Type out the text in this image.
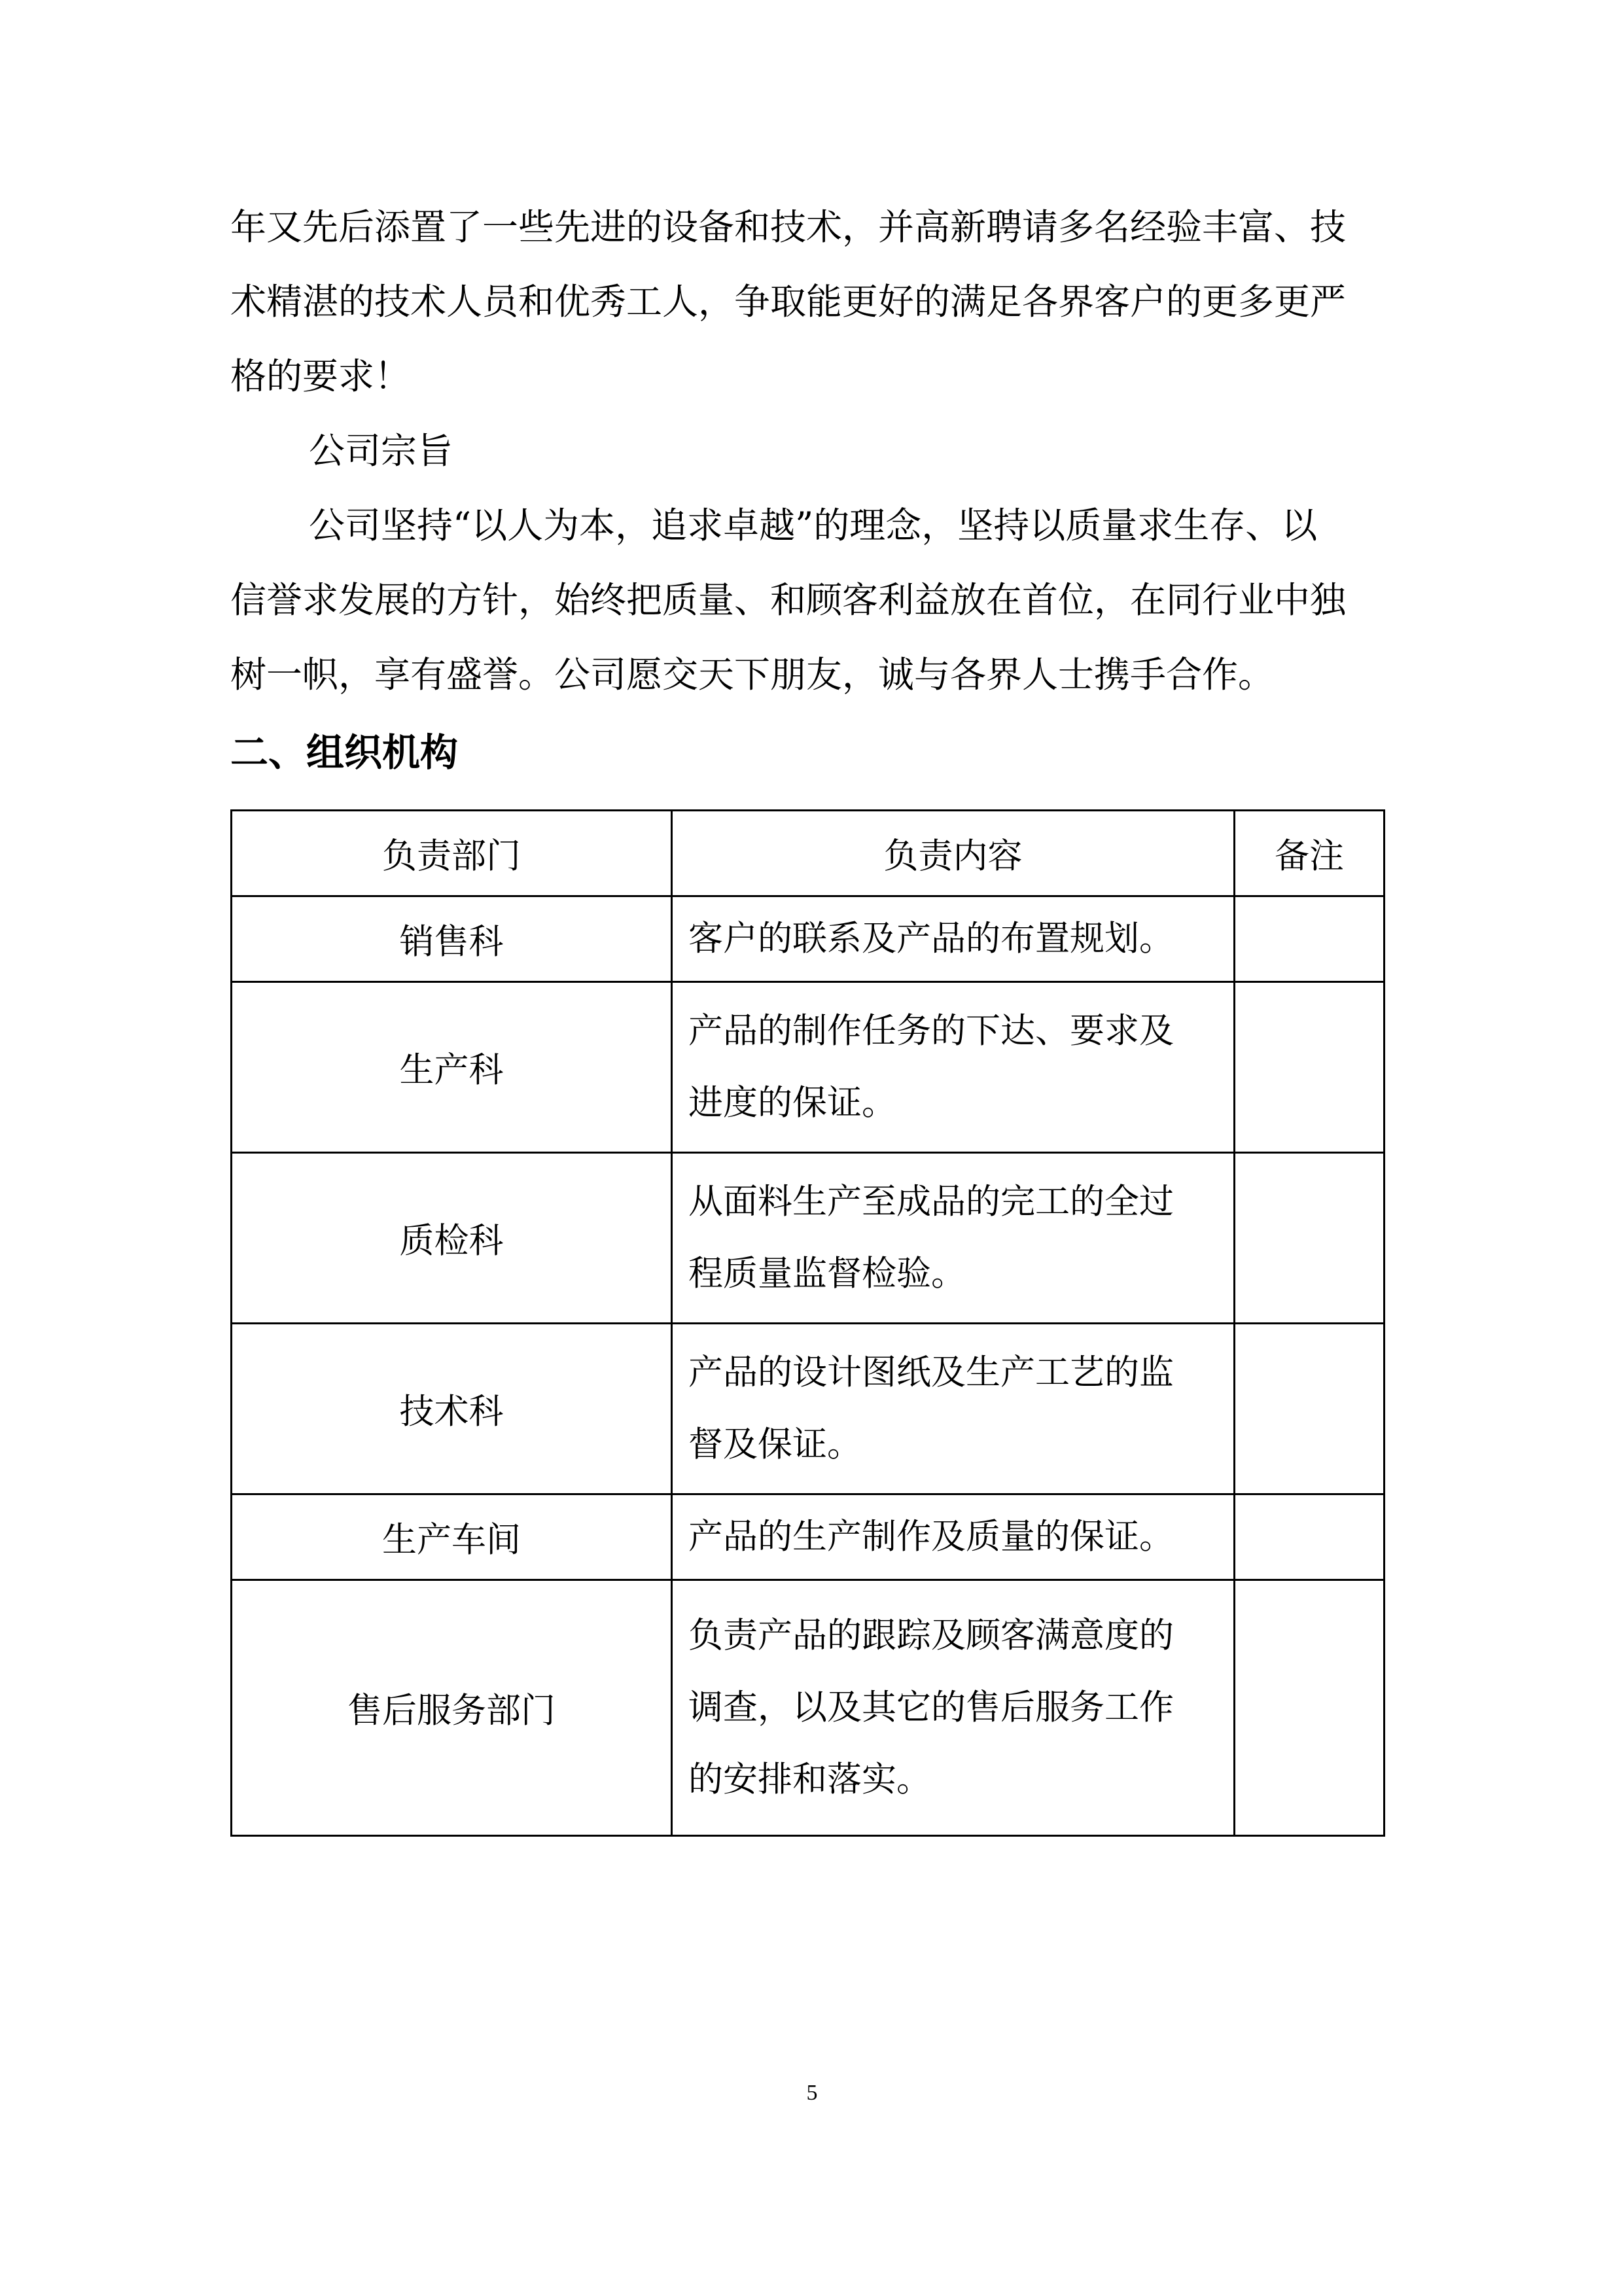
年又先后添置了一些先进的设备和技术，并高新聘请多名经验丰富、技
术精湛的技术人员和优秀工人，争取能更好的满足各界客户的更多更严
格的要求！
公司宗旨
公司坚持“以人为本，追求卓越”的理念，坚持以质量求生存、以
信誉求发展的方针，始终把质量、和顾客利益放在首位，在同行业中独
树一帜，享有盛誉。公司愿交天下朋友，诚与各界人士携手合作。
二、组织机构
负责部门	负责内容	备注
销售科	客户的联系及产品的布置规划。	
生产科	产品的制作任务的下达、要求及
进度的保证。	
质检科	从面料生产至成品的完工的全过
程质量监督检验。	
技术科	产品的设计图纸及生产工艺的监
督及保证。	
生产车间	产品的生产制作及质量的保证。	
售后服务部门	负责产品的跟踪及顾客满意度的
调查，以及其它的售后服务工作
的安排和落实。	
5
